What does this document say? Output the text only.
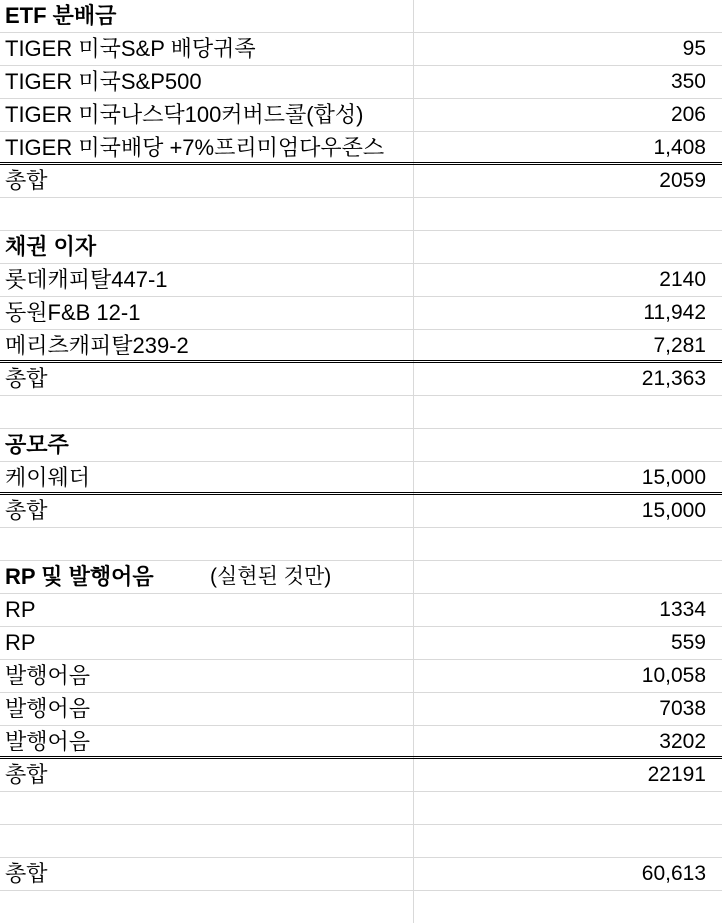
ETF 분배금
TIGER 미국S&P 배당귀족	95
TIGER 미국S&P500	350
TIGER 미국나스닥100커버드콜(합성)	206
TIGER 미국배당 +7%프리미엄다우존스	1,408
총합	2059
채권 이자
롯데캐피탈447-1	2140
동원F&B 12-1	11,942
메리츠캐피탈239-2	7,281
총합	21,363
공모주
케이웨더	15,000
총합	15,000
RP 및 발행어음	(실현된 것만)
RP	1334
RP	559
발행어음	10,058
발행어음	7038
발행어음	3202
총합	22191
총합	60,613
